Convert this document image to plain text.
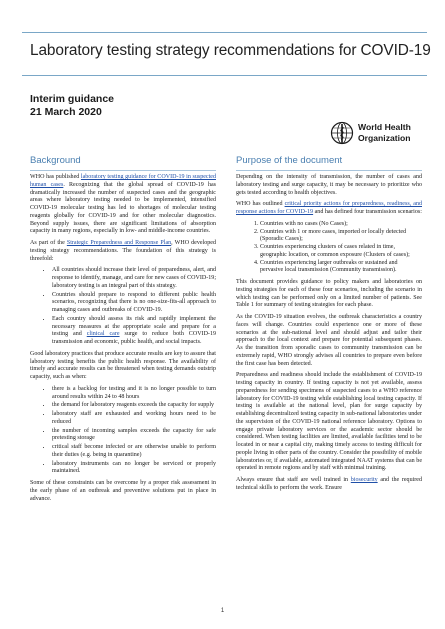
Laboratory testing strategy recommendations for COVID-19
Interim guidance
21 March 2020
World Health
Organization
Background

WHO has published laboratory testing guidance for COVID-19 in suspected human cases. Recognizing that the global spread of COVID-19 has dramatically increased the number of suspected cases and the geographic areas where laboratory testing needed to be implemented, intensified COVID-19 molecular testing has led to shortages of molecular testing reagents globally for COVID-19 and for other molecular diagnostics. Beyond supply issues, there are significant limitations of absorption capacity in many regions, especially in low- and middle-income countries.

As part of the Strategic Preparedness and Response Plan, WHO developed testing strategy recommendations. The foundation of this strategy is threefold:

• All countries should increase their level of preparedness, alert, and response to identify, manage, and care for new cases of COVID-19; laboratory testing is an integral part of this strategy.
• Countries should prepare to respond to different public health scenarios, recognizing that there is no one-size-fits-all approach to managing cases and outbreaks of COVID-19.
• Each country should assess its risk and rapidly implement the necessary measures at the appropriate scale and prepare for a testing and clinical care surge to reduce both COVID-19 transmission and economic, public health, and social impacts.

Good laboratory practices that produce accurate results are key to assure that laboratory testing benefits the public health response. The availability of timely and accurate results can be threatened when testing demands outstrip capacity, such as when:

• there is a backlog for testing and it is no longer possible to turn around results within 24 to 48 hours
• the demand for laboratory reagents exceeds the capacity for supply
• laboratory staff are exhausted and working hours need to be reduced
• the number of incoming samples exceeds the capacity for safe pretesting storage
• critical staff become infected or are otherwise unable to perform their duties (e.g. being in quarantine)
• laboratory instruments can no longer be serviced or properly maintained.

Some of these constraints can be overcome by a proper risk assessment in the early phase of an outbreak and preventive solutions put in place in advance.

Purpose of the document

Depending on the intensity of transmission, the number of cases and laboratory testing and surge capacity, it may be necessary to prioritize who gets tested according to health objectives.

WHO has outlined critical priority actions for preparedness, readiness, and response actions for COVID-19 and has defined four transmission scenarios:

1. Countries with no cases (No Cases);
2. Countries with 1 or more cases, imported or locally detected (Sporadic Cases);
3. Countries experiencing clusters of cases related in time, geographic location, or common exposure (Clusters of cases);
4. Countries experiencing larger outbreaks or sustained and pervasive local transmission (Community transmission).

This document provides guidance to policy makers and laboratories on testing strategies for each of these four scenarios, including the scenario in which testing can be performed only on a limited number of patients. See Table 1 for summary of testing strategies for each phase.

As the COVID-19 situation evolves, the outbreak characteristics a country faces will change. Countries could experience one or more of these scenarios at the sub-national level and should adjust and tailor their approach to the local context and prepare for potential subsequent phases. As the transition from sporadic cases to community transmission can be extremely rapid, WHO strongly advises all countries to prepare even before the first case has been detected.

Preparedness and readiness should include the establishment of COVID-19 testing capacity in country. If testing capacity is not yet available, assess preparedness for sending specimens of suspected cases to a WHO reference laboratory for COVID-19 testing while establishing local testing capacity. If testing is available at the national level, plan for surge capacity by establishing decentralized testing capacity in sub-national laboratories under the supervision of the COVID-19 national reference laboratory. Options to engage private laboratory services or the academic sector should be considered. When testing facilities are limited, available facilities tend to be located in or near a capital city, making timely access to testing difficult for people living in other parts of the country. Consider the possibility of mobile laboratories or, if available, automated integrated NAAT systems that can be operated in remote regions and by staff with minimal training.

Always ensure that staff are well trained in biosecurity and the required technical skills to perform the work. Ensure

1
